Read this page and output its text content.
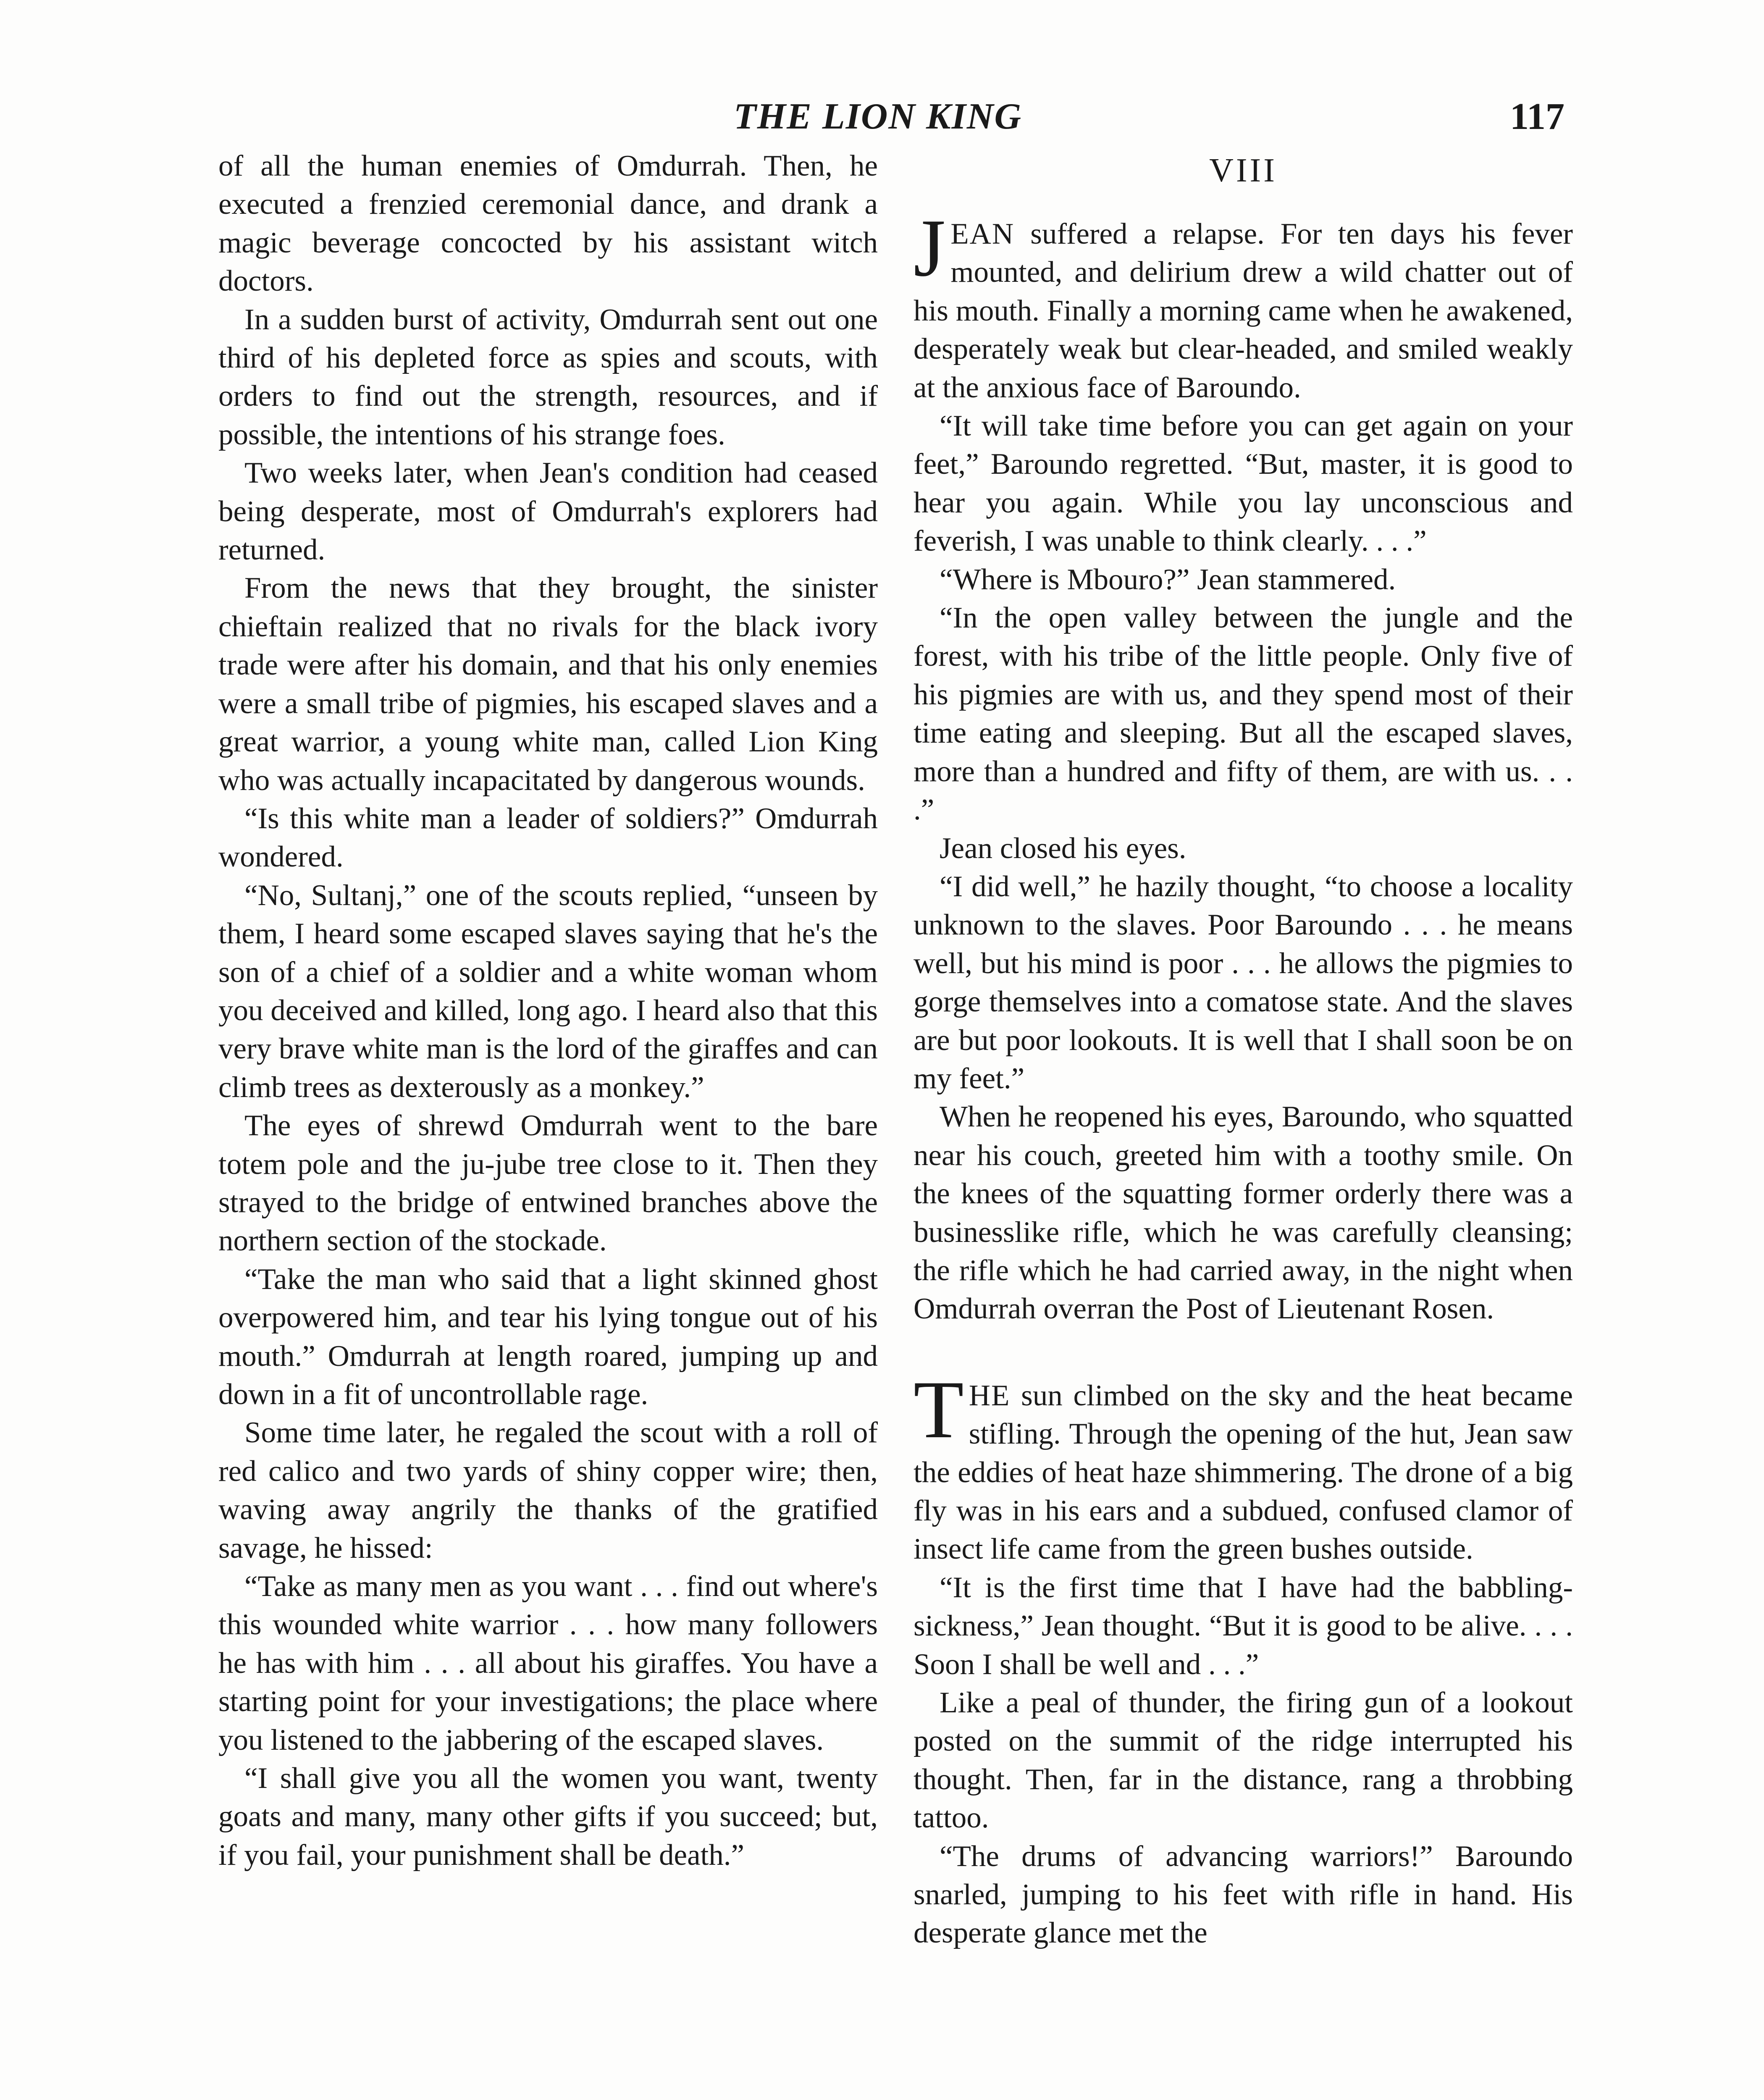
THE LION KING	117

of all the human enemies of Omdurrah. Then, he executed a frenzied ceremonial dance, and drank a magic beverage concocted by his assistant witch doctors.

In a sudden burst of activity, Omdurrah sent out one third of his depleted force as spies and scouts, with orders to find out the strength, resources, and if possible, the intentions of his strange foes.

Two weeks later, when Jean's condition had ceased being desperate, most of Omdurrah's explorers had returned.

From the news that they brought, the sinister chieftain realized that no rivals for the black ivory trade were after his domain, and that his only enemies were a small tribe of pigmies, his escaped slaves and a great warrior, a young white man, called Lion King who was actually incapacitated by dangerous wounds.

“Is this white man a leader of soldiers?” Omdurrah wondered.

“No, Sultanj,” one of the scouts replied, “unseen by them, I heard some escaped slaves saying that he's the son of a chief of a soldier and a white woman whom you deceived and killed, long ago. I heard also that this very brave white man is the lord of the giraffes and can climb trees as dexterously as a monkey.”

The eyes of shrewd Omdurrah went to the bare totem pole and the ju-jube tree close to it. Then they strayed to the bridge of entwined branches above the northern section of the stockade.

“Take the man who said that a light skinned ghost overpowered him, and tear his lying tongue out of his mouth.” Omdurrah at length roared, jumping up and down in a fit of uncontrollable rage.

Some time later, he regaled the scout with a roll of red calico and two yards of shiny copper wire; then, waving away angrily the thanks of the gratified savage, he hissed:

“Take as many men as you want . . . find out where's this wounded white warrior . . . how many followers he has with him . . . all about his giraffes. You have a starting point for your investigations; the place where you listened to the jabbering of the escaped slaves.

“I shall give you all the women you want, twenty goats and many, many other gifts if you succeed; but, if you fail, your punishment shall be death.”

VIII

JEAN suffered a relapse. For ten days his fever mounted, and delirium drew a wild chatter out of his mouth. Finally a morning came when he awakened, desperately weak but clear-headed, and smiled weakly at the anxious face of Baroundo.

“It will take time before you can get again on your feet,” Baroundo regretted. “But, master, it is good to hear you again. While you lay unconscious and feverish, I was unable to think clearly. . . .”

“Where is Mbouro?” Jean stammered.

“In the open valley between the jungle and the forest, with his tribe of the little people. Only five of his pigmies are with us, and they spend most of their time eating and sleeping. But all the escaped slaves, more than a hundred and fifty of them, are with us. . . .”

Jean closed his eyes.

“I did well,” he hazily thought, “to choose a locality unknown to the slaves. Poor Baroundo . . . he means well, but his mind is poor . . . he allows the pigmies to gorge themselves into a comatose state. And the slaves are but poor lookouts. It is well that I shall soon be on my feet.”

When he reopened his eyes, Baroundo, who squatted near his couch, greeted him with a toothy smile. On the knees of the squatting former orderly there was a businesslike rifle, which he was carefully cleansing; the rifle which he had carried away, in the night when Omdurrah overran the Post of Lieutenant Rosen.

THE sun climbed on the sky and the heat became stifling. Through the opening of the hut, Jean saw the eddies of heat haze shimmering. The drone of a big fly was in his ears and a subdued, confused clamor of insect life came from the green bushes outside.

“It is the first time that I have had the babbling-sickness,” Jean thought. “But it is good to be alive. . . . Soon I shall be well and . . .”

Like a peal of thunder, the firing gun of a lookout posted on the summit of the ridge interrupted his thought. Then, far in the distance, rang a throbbing tattoo.

“The drums of advancing warriors!” Baroundo snarled, jumping to his feet with rifle in hand. His desperate glance met the
